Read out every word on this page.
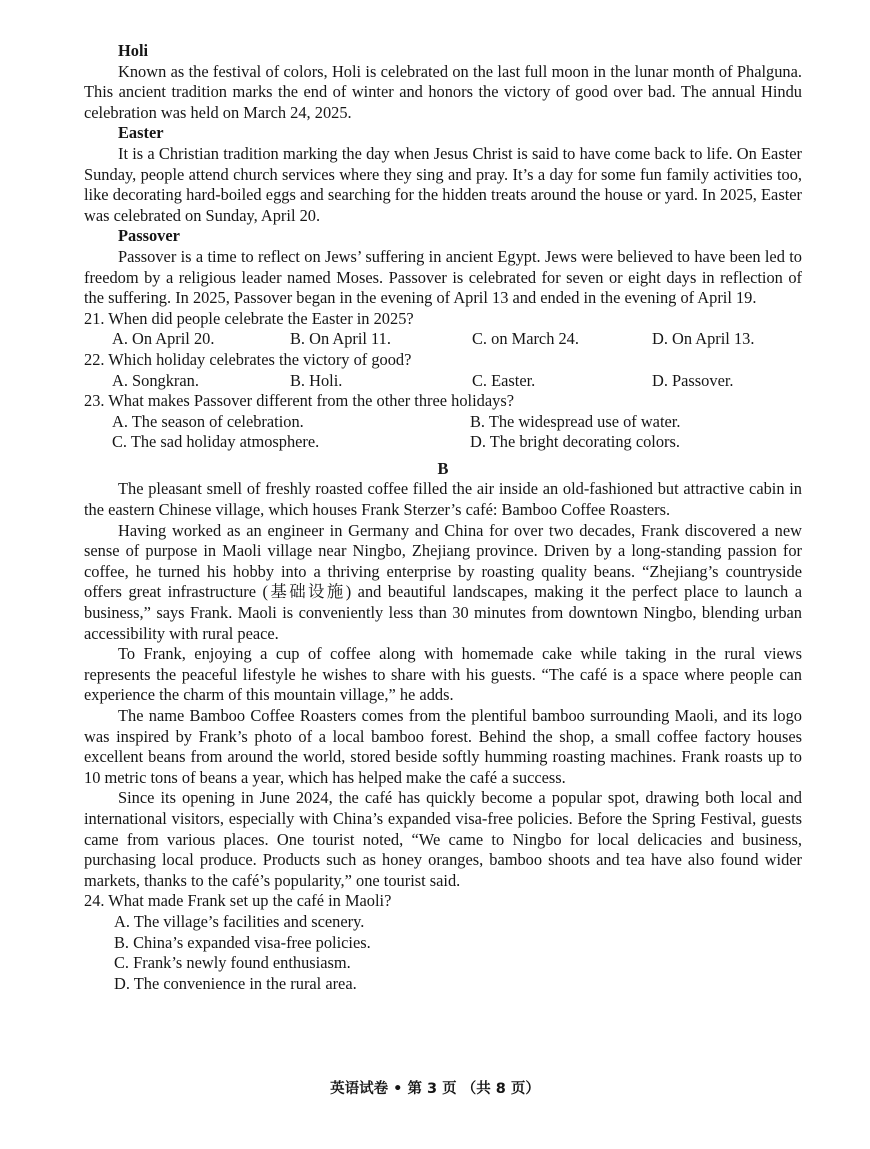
Holi

Known as the festival of colors, Holi is celebrated on the last full moon in the lunar month of Phalguna. This ancient tradition marks the end of winter and honors the victory of good over bad. The annual Hindu celebration was held on March 24, 2025.

Easter

It is a Christian tradition marking the day when Jesus Christ is said to have come back to life. On Easter Sunday, people attend church services where they sing and pray. It’s a day for some fun family activities too, like decorating hard-boiled eggs and searching for the hidden treats around the house or yard. In 2025, Easter was celebrated on Sunday, April 20.

Passover

Passover is a time to reflect on Jews’ suffering in ancient Egypt. Jews were believed to have been led to freedom by a religious leader named Moses. Passover is celebrated for seven or eight days in reflection of the suffering. In 2025, Passover began in the evening of April 13 and ended in the evening of April 19.

21. When did people celebrate the Easter in 2025?

A. On April 20.	B. On April 11.	C. on March 24.	D. On April 13.

22. Which holiday celebrates the victory of good?

A. Songkran.	B. Holi.	C. Easter.	D. Passover.

23. What makes Passover different from the other three holidays?

A. The season of celebration.	B. The widespread use of water.
C. The sad holiday atmosphere.	D. The bright decorating colors.
B

The pleasant smell of freshly roasted coffee filled the air inside an old-fashioned but attractive cabin in the eastern Chinese village, which houses Frank Sterzer’s café: Bamboo Coffee Roasters.

Having worked as an engineer in Germany and China for over two decades, Frank discovered a new sense of purpose in Maoli village near Ningbo, Zhejiang province. Driven by a long-standing passion for coffee, he turned his hobby into a thriving enterprise by roasting quality beans. “Zhejiang’s countryside offers great infrastructure (基础设施) and beautiful landscapes, making it the perfect place to launch a business,” says Frank. Maoli is conveniently less than 30 minutes from downtown Ningbo, blending urban accessibility with rural peace.

To Frank, enjoying a cup of coffee along with homemade cake while taking in the rural views represents the peaceful lifestyle he wishes to share with his guests. “The café is a space where people can experience the charm of this mountain village,” he adds.

The name Bamboo Coffee Roasters comes from the plentiful bamboo surrounding Maoli, and its logo was inspired by Frank’s photo of a local bamboo forest. Behind the shop, a small coffee factory houses excellent beans from around the world, stored beside softly humming roasting machines. Frank roasts up to 10 metric tons of beans a year, which has helped make the café a success.

Since its opening in June 2024, the café has quickly become a popular spot, drawing both local and international visitors, especially with China’s expanded visa-free policies. Before the Spring Festival, guests came from various places. One tourist noted, “We came to Ningbo for local delicacies and business, purchasing local produce. Products such as honey oranges, bamboo shoots and tea have also found wider markets, thanks to the café’s popularity,” one tourist said.

24. What made Frank set up the café in Maoli?

A. The village’s facilities and scenery.
B. China’s expanded visa-free policies.
C. Frank’s newly found enthusiasm.
D. The convenience in the rural area.
英语试卷 • 第 3 页 （共 8 页）
